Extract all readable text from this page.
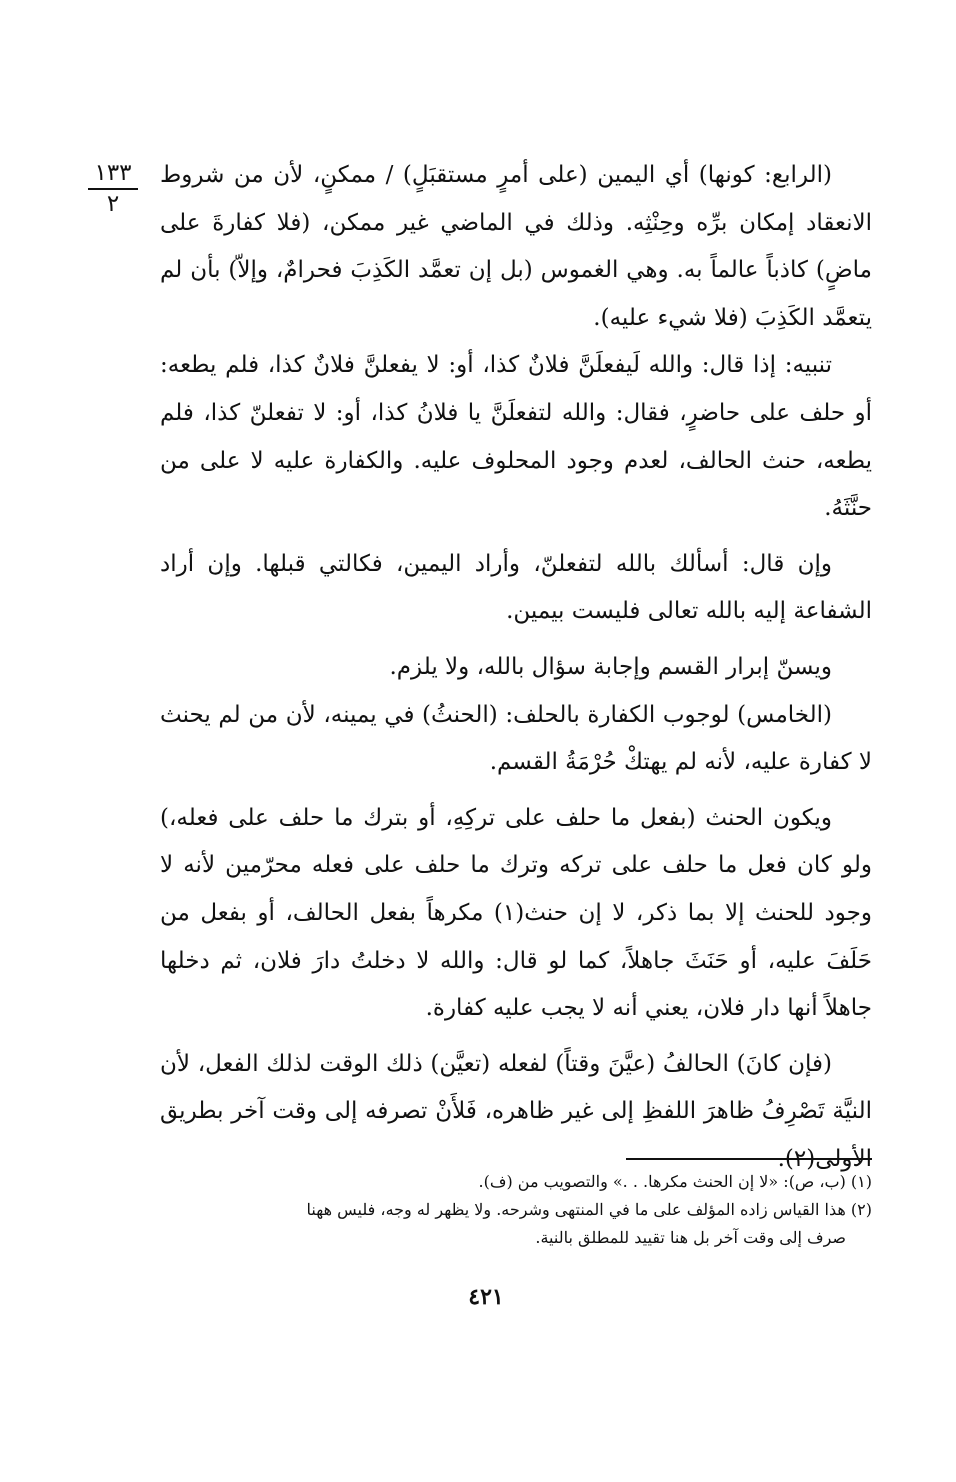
١٣٣
٢

(الرابع: كونها) أي اليمين (على أمرٍ مستقبَلٍ) / ممكنٍ، لأن من شروط الانعقاد إمكان برِّه وحِنْثِه. وذلك في الماضي غير ممكن، (فلا كفارةَ على ماضٍ) كاذباً عالماً به. وهي الغموس (بل إن تعمَّد الكَذِبَ فحرامٌ، وإلاّ) بأن لم يتعمَّد الكَذِبَ (فلا شيء عليه).

تنبيه: إذا قال: والله لَيفعلَنَّ فلانٌ كذا، أو: لا يفعلنَّ فلانٌ كذا، فلم يطعه: أو حلف على حاضرٍ، فقال: والله لتفعلَنَّ يا فلانُ كذا، أو: لا تفعلنّ كذا، فلم يطعه، حنث الحالف، لعدم وجود المحلوف عليه. والكفارة عليه لا على من حنَّثَهُ.

وإن قال: أسألك بالله لتفعلنّ، وأراد اليمين، فكالتي قبلها. وإن أراد الشفاعة إليه بالله تعالى فليست بيمين.

ويسنّ إبرار القسم وإجابة سؤال بالله، ولا يلزم.

(الخامس) لوجوب الكفارة بالحلف: (الحنثُ) في يمينه، لأن من لم يحنث لا كفارة عليه، لأنه لم يهتكْ حُرْمَةُ القسم.

ويكون الحنث (بفعل ما حلف على تركِهِ، أو بترك ما حلف على فعله،) ولو كان فعل ما حلف على تركه وترك ما حلف على فعله محرّمين لأنه لا وجود للحنث إلا بما ذكر، لا إن حنث(١) مكرهاً بفعل الحالف، أو بفعل من حَلَفَ عليه، أو حَنَثَ جاهلاً، كما لو قال: والله لا دخلتُ دارَ فلان، ثم دخلها جاهلاً أنها دار فلان، يعني أنه لا يجب عليه كفارة.

(فإن كانَ) الحالفُ (عيَّنَ وقتاً) لفعله (تعيَّن) ذلك الوقت لذلك الفعل، لأن النيَّة تَصْرِفُ ظاهرَ اللفظِ إلى غير ظاهره، فَلأَنْ تصرفه إلى وقت آخر بطريق الأولى(٢).

(١) (ب، ص): «لا إن الحنث مكرها. . .» والتصويب من (ف).

(٢) هذا القياس زاده المؤلف على ما في المنتهى وشرحه. ولا يظهر له وجه، فليس ههنا

صرف إلى وقت آخر بل هنا تقييد للمطلق بالنية.

٤٢١
